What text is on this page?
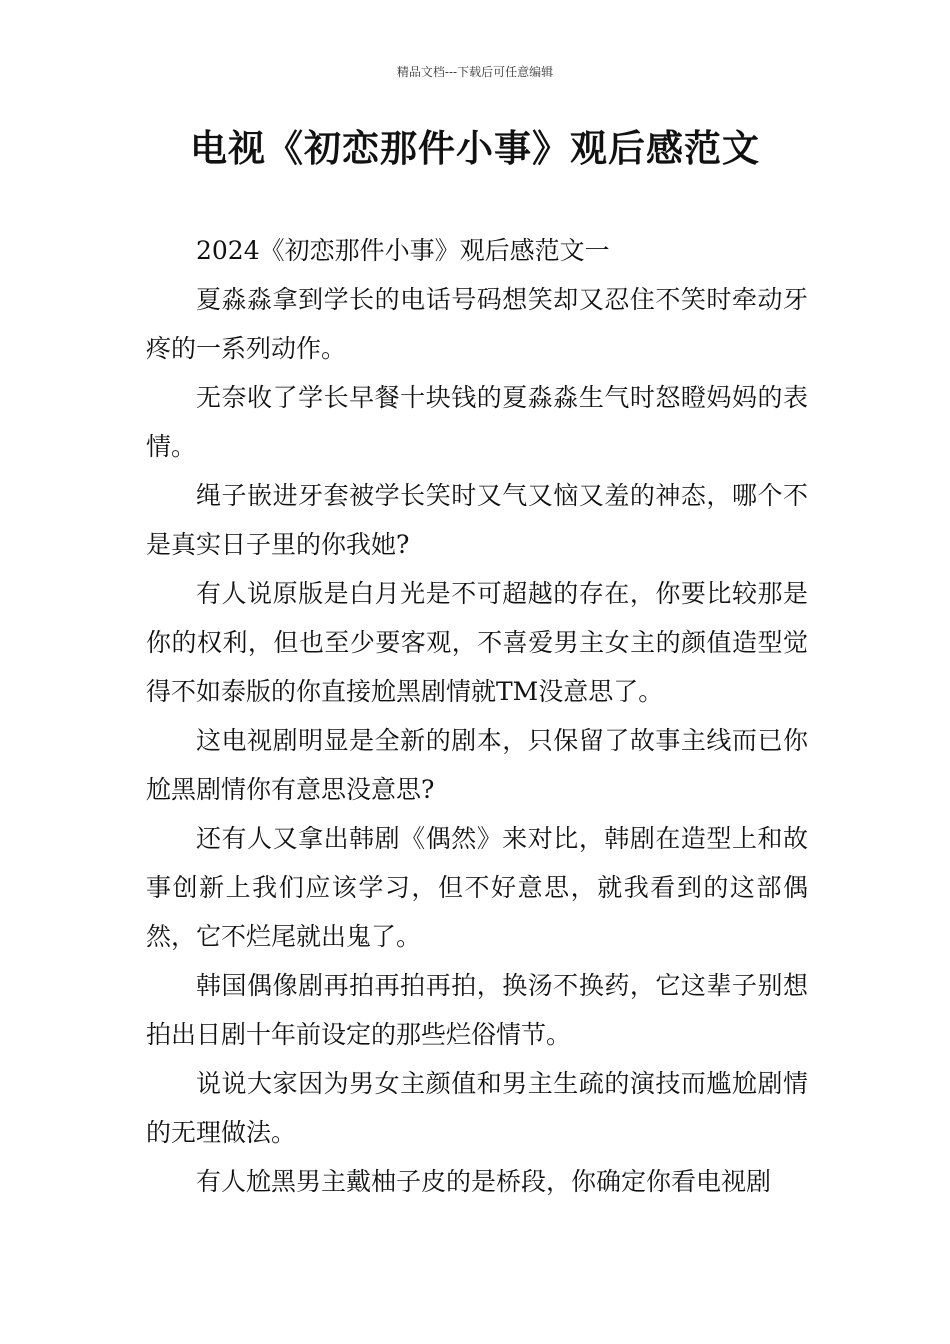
精品文档---下载后可任意编辑
电视《初恋那件小事》观后感范文

2024《初恋那件小事》观后感范文一

夏淼淼拿到学长的电话号码想笑却又忍住不笑时牵动牙疼的一系列动作。

无奈收了学长早餐十块钱的夏淼淼生气时怒瞪妈妈的表情。

绳子嵌进牙套被学长笑时又气又恼又羞的神态，哪个不是真实日子里的你我她?

有人说原版是白月光是不可超越的存在，你要比较那是你的权利，但也至少要客观，不喜爱男主女主的颜值造型觉得不如泰版的你直接尬黑剧情就TM没意思了。

这电视剧明显是全新的剧本，只保留了故事主线而已你尬黑剧情你有意思没意思?

还有人又拿出韩剧《偶然》来对比，韩剧在造型上和故事创新上我们应该学习，但不好意思，就我看到的这部偶然，它不烂尾就出鬼了。

韩国偶像剧再拍再拍再拍，换汤不换药，它这辈子别想拍出日剧十年前设定的那些烂俗情节。

说说大家因为男女主颜值和男主生疏的演技而尴尬剧情的无理做法。

有人尬黑男主戴柚子皮的是桥段，你确定你看电视剧
